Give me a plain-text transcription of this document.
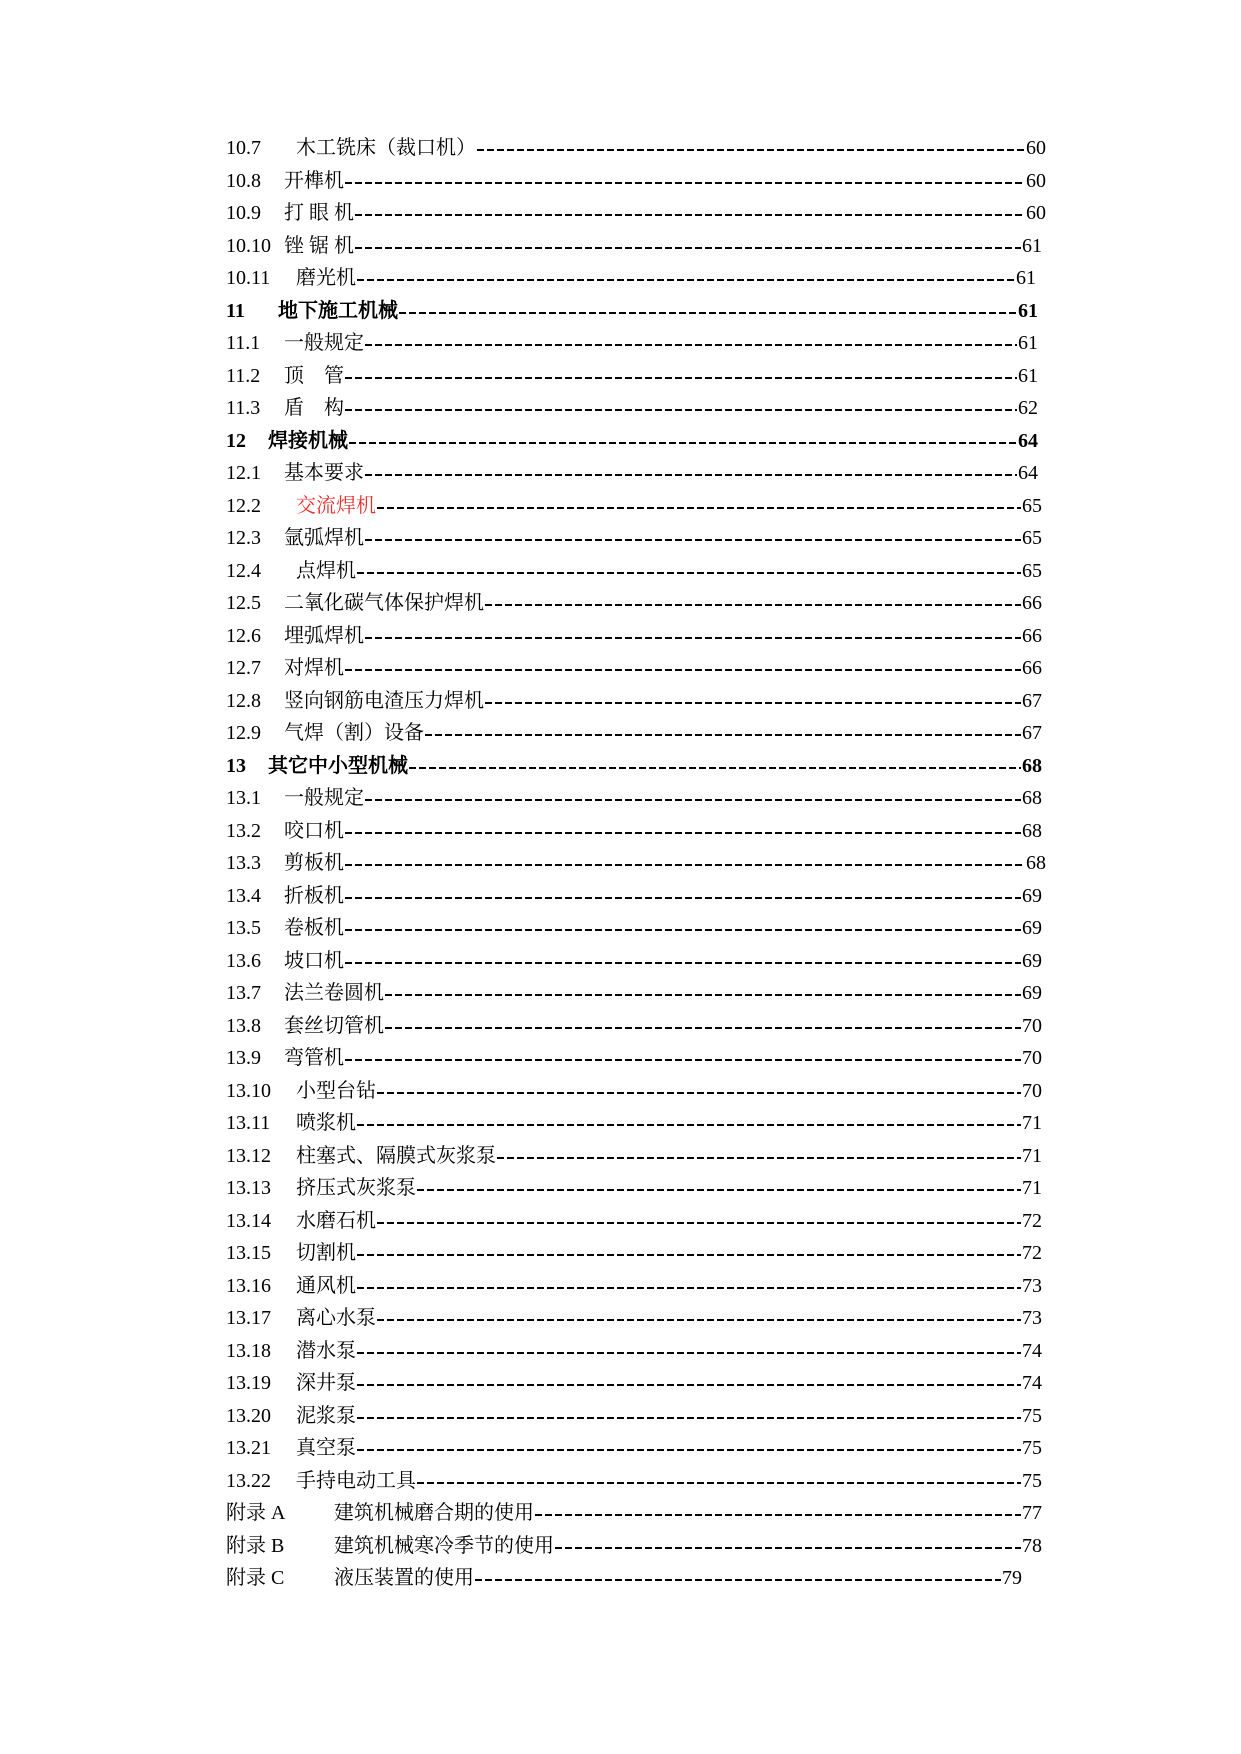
10.7	木工铣床（裁口机）	60
10.8	开榫机	60
10.9	打 眼 机	60
10.10 锉 锯 机	61
10.11	磨光机	61
11	地下施工机械	61
11.1	一般规定	61
11.2	顶　管	61
11.3	盾　构	62
12	焊接机械	64
12.1	基本要求	64
12.2	交流焊机	65
12.3	氩弧焊机	65
12.4	点焊机	65
12.5	二氧化碳气体保护焊机	66
12.6	埋弧焊机	66
12.7	对焊机	66
12.8	竖向钢筋电渣压力焊机	67
12.9	气焊（割）设备	67
13	其它中小型机械	68
13.1	一般规定	68
13.2	咬口机	68
13.3	剪板机	68
13.4	折板机	69
13.5	卷板机	69
13.6	坡口机	69
13.7	法兰卷圆机	69
13.8	套丝切管机	70
13.9	弯管机	70
13.10	小型台钻	70
13.11	喷浆机	71
13.12	柱塞式、隔膜式灰浆泵	71
13.13	挤压式灰浆泵	71
13.14	水磨石机	72
13.15	切割机	72
13.16	通风机	73
13.17	离心水泵	73
13.18	潜水泵	74
13.19	深井泵	74
13.20	泥浆泵	75
13.21	真空泵	75
13.22	手持电动工具	75
附录 A	建筑机械磨合期的使用	77
附录 B	建筑机械寒冷季节的使用	78
附录 C	液压装置的使用	79
